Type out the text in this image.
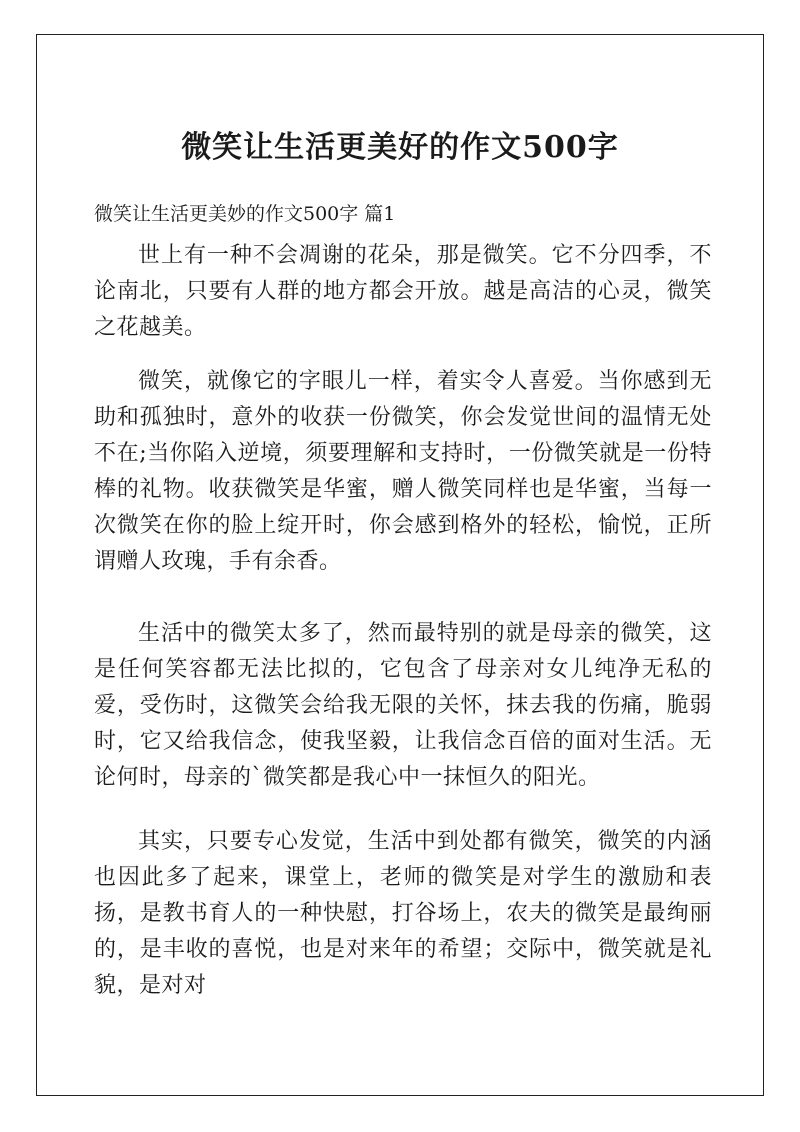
微笑让生活更美好的作文500字

微笑让生活更美妙的作文500字 篇1

世上有一种不会凋谢的花朵，那是微笑。它不分四季，不论南北，只要有人群的地方都会开放。越是高洁的心灵，微笑之花越美。

微笑，就像它的字眼儿一样，着实令人喜爱。当你感到无助和孤独时，意外的收获一份微笑，你会发觉世间的温情无处不在;当你陷入逆境，须要理解和支持时，一份微笑就是一份特棒的礼物。收获微笑是华蜜，赠人微笑同样也是华蜜，当每一次微笑在你的脸上绽开时，你会感到格外的轻松，愉悦，正所谓赠人玫瑰，手有余香。

生活中的微笑太多了，然而最特别的就是母亲的微笑，这是任何笑容都无法比拟的，它包含了母亲对女儿纯净无私的爱，受伤时，这微笑会给我无限的关怀，抹去我的伤痛，脆弱时，它又给我信念，使我坚毅，让我信念百倍的面对生活。无论何时，母亲的`微笑都是我心中一抹恒久的阳光。

其实，只要专心发觉，生活中到处都有微笑，微笑的内涵也因此多了起来，课堂上，老师的微笑是对学生的激励和表扬，是教书育人的一种快慰，打谷场上，农夫的微笑是最绚丽的，是丰收的喜悦，也是对来年的希望；交际中，微笑就是礼貌，是对对
